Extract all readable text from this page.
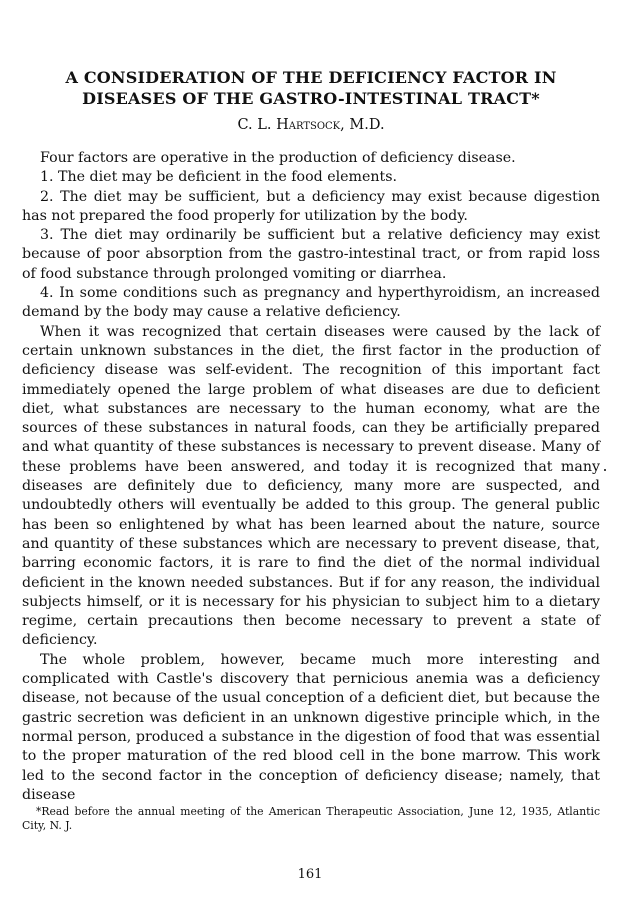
A CONSIDERATION OF THE DEFICIENCY FACTOR IN
DISEASES OF THE GASTRO-INTESTINAL TRACT*
C. L. Hartsock, M.D.

Four factors are operative in the production of deficiency disease.

1. The diet may be deficient in the food elements.

2. The diet may be sufficient, but a deficiency may exist because digestion has not prepared the food properly for utilization by the body.

3. The diet may ordinarily be sufficient but a relative deficiency may exist because of poor absorption from the gastro-intestinal tract, or from rapid loss of food substance through prolonged vomiting or diarrhea.

4. In some conditions such as pregnancy and hyperthyroidism, an increased demand by the body may cause a relative deficiency.

When it was recognized that certain diseases were caused by the lack of certain unknown substances in the diet, the first factor in the production of deficiency disease was self-evident. The recognition of this important fact immediately opened the large problem of what diseases are due to deficient diet, what substances are necessary to the human economy, what are the sources of these substances in natural foods, can they be artificially prepared and what quantity of these substances is necessary to prevent disease. Many of these problems have been answered, and today it is recognized that many diseases are definitely due to deficiency, many more are suspected, and undoubtedly others will eventually be added to this group. The general public has been so enlightened by what has been learned about the nature, source and quantity of these substances which are necessary to prevent disease, that, barring economic factors, it is rare to find the diet of the normal individual deficient in the known needed substances. But if for any reason, the individual subjects himself, or it is necessary for his physician to subject him to a dietary regime, certain precautions then become necessary to prevent a state of deficiency.

The whole problem, however, became much more interesting and complicated with Castle's discovery that pernicious anemia was a deficiency disease, not because of the usual conception of a deficient diet, but because the gastric secretion was deficient in an unknown digestive principle which, in the normal person, produced a substance in the digestion of food that was essential to the proper maturation of the red blood cell in the bone marrow. This work led to the second factor in the conception of deficiency disease; namely, that disease

*Read before the annual meeting of the American Therapeutic Association, June 12, 1935, Atlantic City, N. J.
161
